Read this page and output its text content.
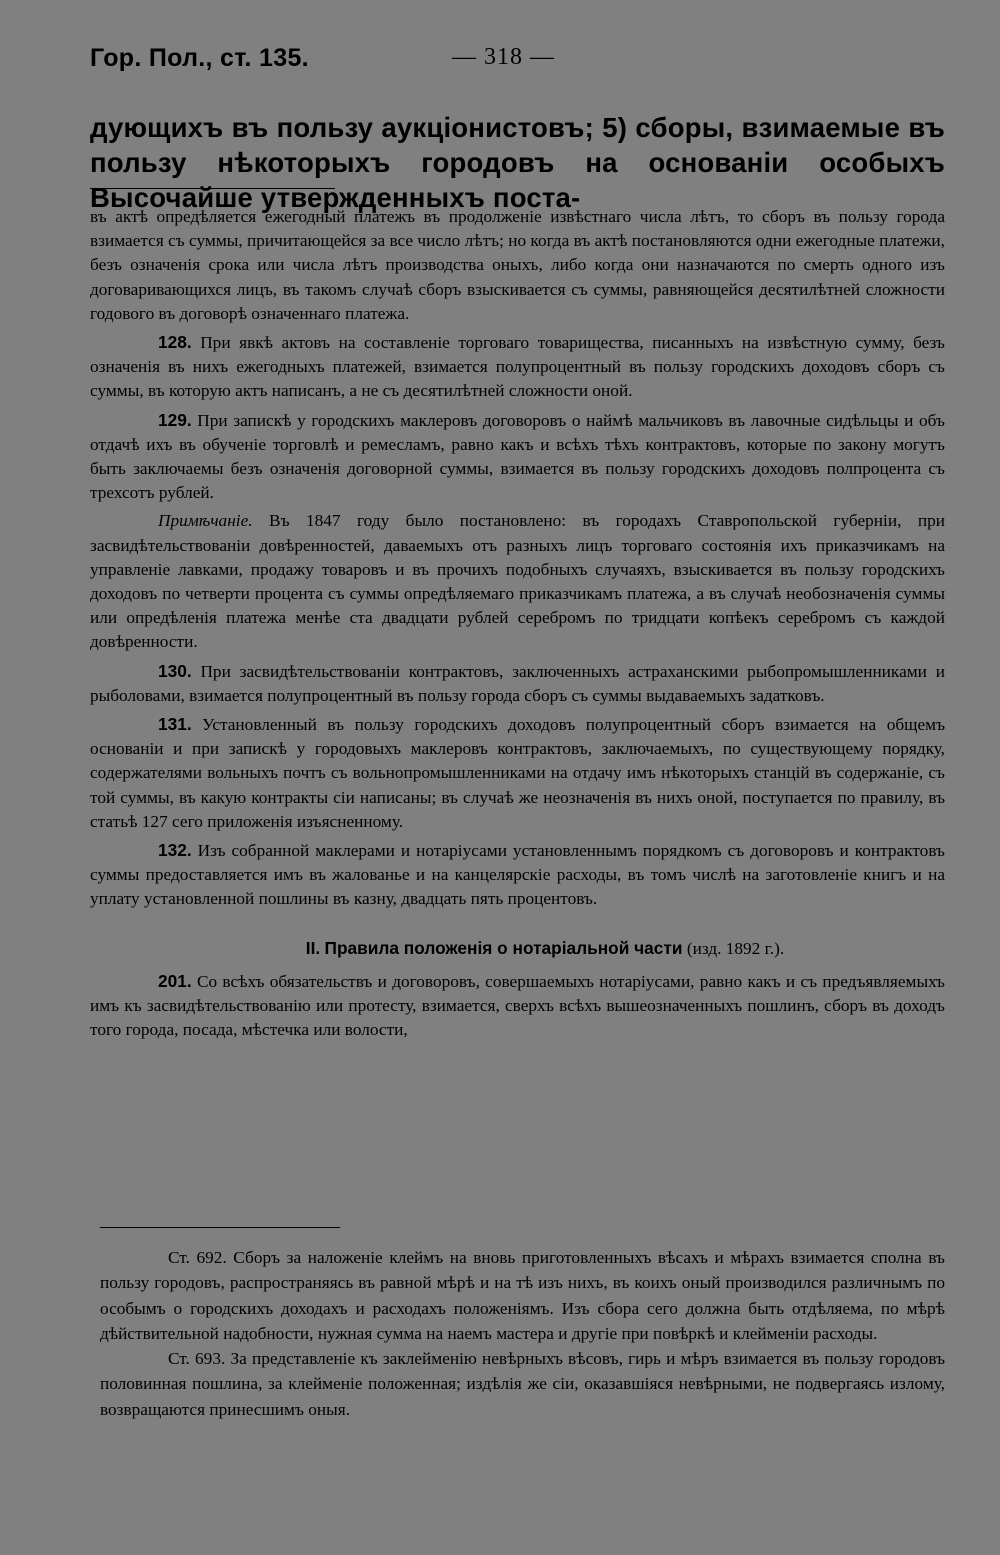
Гор. Пол., ст. 135.	— 318 —
дующихъ въ пользу аукціонистовъ; 5) сборы, взимаемые въ пользу нѣкоторыхъ городовъ на основаніи особыхъ Высочайше утвержденныхъ поста-

въ актѣ опредѣляется ежегодный платежъ въ продолженіе извѣстнаго числа лѣтъ, то сборъ въ пользу города взимается съ суммы, причитающейся за все число лѣтъ; но когда въ актѣ постановляются одни ежегодные платежи, безъ означенія срока или числа лѣтъ производства оныхъ, либо когда они назначаются по смерть одного изъ договаривающихся лицъ, въ такомъ случаѣ сборъ взыскивается съ суммы, равняющейся десятилѣтней сложности годового въ договорѣ означеннаго платежа.

128. При явкѣ актовъ на составленіе торговаго товарищества, писанныхъ на извѣстную сумму, безъ означенія въ нихъ ежегодныхъ платежей, взимается полупроцентный въ пользу городскихъ доходовъ сборъ съ суммы, въ которую актъ написанъ, а не съ десятилѣтней сложности оной.

129. При запискѣ у городскихъ маклеровъ договоровъ о наймѣ мальчиковъ въ лавочные сидѣльцы и объ отдачѣ ихъ въ обученіе торговлѣ и ремесламъ, равно какъ и всѣхъ тѣхъ контрактовъ, которые по закону могутъ быть заключаемы безъ означенія договорной суммы, взимается въ пользу городскихъ доходовъ полпроцента съ трехсотъ рублей.

Примѣчаніе. Въ 1847 году было постановлено: въ городахъ Ставропольской губерніи, при засвидѣтельствованіи довѣренностей, даваемыхъ отъ разныхъ лицъ торговаго состоянія ихъ приказчикамъ на управленіе лавками, продажу товаровъ и въ прочихъ подобныхъ случаяхъ, взыскивается въ пользу городскихъ доходовъ по четверти процента съ суммы опредѣляемаго приказчикамъ платежа, а въ случаѣ необозначенія суммы или опредѣленія платежа менѣе ста двадцати рублей серебромъ по тридцати копѣекъ серебромъ съ каждой довѣренности.

130. При засвидѣтельствованіи контрактовъ, заключенныхъ астраханскими рыбопромышленниками и рыболовами, взимается полупроцентный въ пользу города сборъ съ суммы выдаваемыхъ задатковъ.

131. Установленный въ пользу городскихъ доходовъ полупроцентный сборъ взимается на общемъ основаніи и при запискѣ у городовыхъ маклеровъ контрактовъ, заключаемыхъ, по существующему порядку, содержателями вольныхъ почтъ съ вольнопромышленниками на отдачу имъ нѣкоторыхъ станцій въ содержаніе, съ той суммы, въ какую контракты сіи написаны; въ случаѣ же неозначенія въ нихъ оной, поступается по правилу, въ статьѣ 127 сего приложенія изъясненному.

132. Изъ собранной маклерами и нотаріусами установленнымъ порядкомъ съ договоровъ и контрактовъ суммы предоставляется имъ въ жалованье и на канцелярскіе расходы, въ томъ числѣ на заготовленіе книгъ и на уплату установленной пошлины въ казну, двадцать пять процентовъ.

II. Правила положенія о нотаріальной части (изд. 1892 г.).

201. Со всѣхъ обязательствъ и договоровъ, совершаемыхъ нотаріусами, равно какъ и съ предъявляемыхъ имъ къ засвидѣтельствованію или протесту, взимается, сверхъ всѣхъ вышеозначенныхъ пошлинъ, сборъ въ доходъ того города, посада, мѣстечка или волости,

Ст. 692. Сборъ за наложеніе клеймъ на вновь приготовленныхъ вѣсахъ и мѣрахъ взимается сполна въ пользу городовъ, распространяясь въ равной мѣрѣ и на тѣ изъ нихъ, въ коихъ оный производился различнымъ по особымъ о городскихъ доходахъ и расходахъ положеніямъ. Изъ сбора сего должна быть отдѣляема, по мѣрѣ дѣйствительной надобности, нужная сумма на наемъ мастера и другіе при повѣркѣ и клейменіи расходы.

Ст. 693. За представленіе къ заклейменію невѣрныхъ вѣсовъ, гирь и мѣръ взимается въ пользу городовъ половинная пошлина, за клейменіе положенная; издѣлія же сіи, оказавшіяся невѣрными, не подвергаясь излому, возвращаются принесшимъ оныя.
